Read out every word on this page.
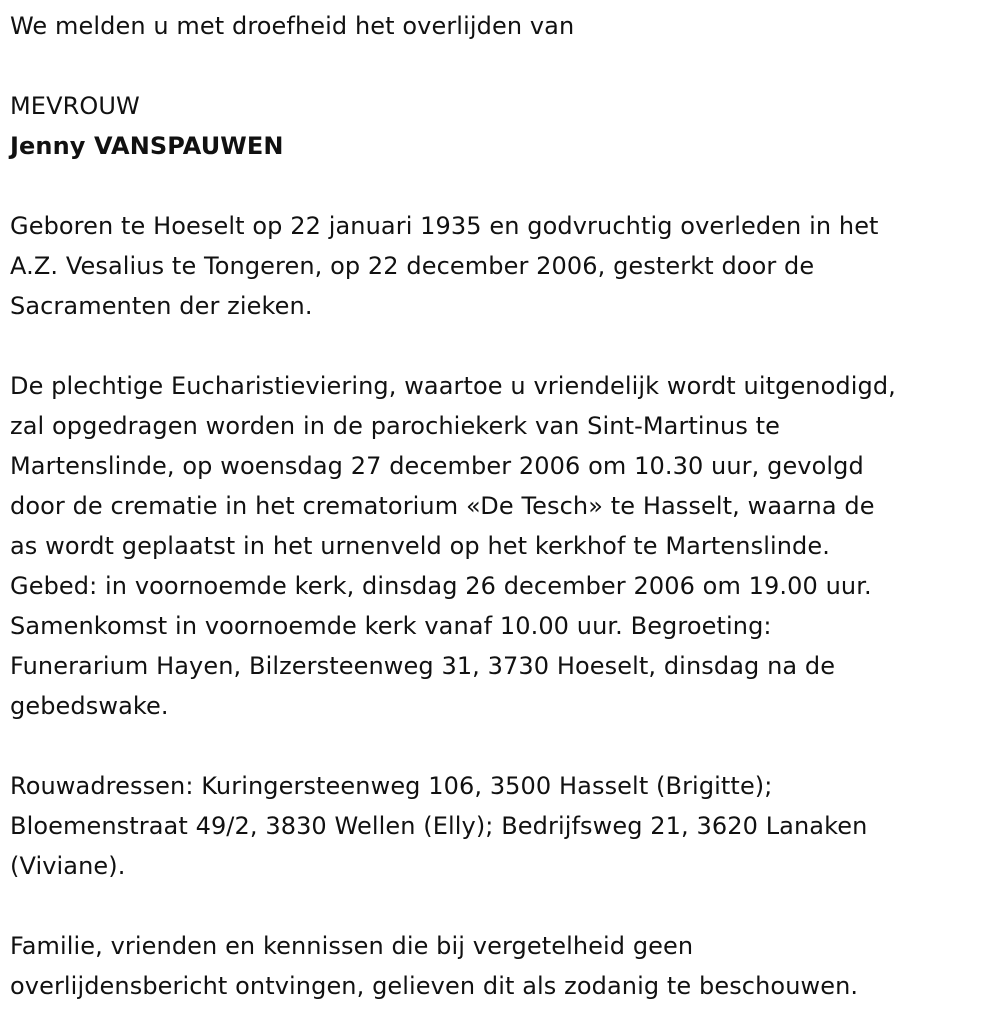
We melden u met droefheid het overlijden van
MEVROUW
Jenny VANSPAUWEN
Geboren te Hoeselt op 22 januari 1935 en godvruchtig overleden in het
A.Z. Vesalius te Tongeren, op 22 december 2006, gesterkt door de
Sacramenten der zieken.
De plechtige Eucharistieviering, waartoe u vriendelijk wordt uitgenodigd,
zal opgedragen worden in de parochiekerk van Sint-Martinus te
Martenslinde, op woensdag 27 december 2006 om 10.30 uur, gevolgd
door de crematie in het crematorium «De Tesch» te Hasselt, waarna de
as wordt geplaatst in het urnenveld op het kerkhof te Martenslinde.
Gebed: in voornoemde kerk, dinsdag 26 december 2006 om 19.00 uur.
Samenkomst in voornoemde kerk vanaf 10.00 uur. Begroeting:
Funerarium Hayen, Bilzersteenweg 31, 3730 Hoeselt, dinsdag na de
gebedswake.
Rouwadressen: Kuringersteenweg 106, 3500 Hasselt (Brigitte);
Bloemenstraat 49/2, 3830 Wellen (Elly); Bedrijfsweg 21, 3620 Lanaken
(Viviane).
Familie, vrienden en kennissen die bij vergetelheid geen
overlijdensbericht ontvingen, gelieven dit als zodanig te beschouwen.
